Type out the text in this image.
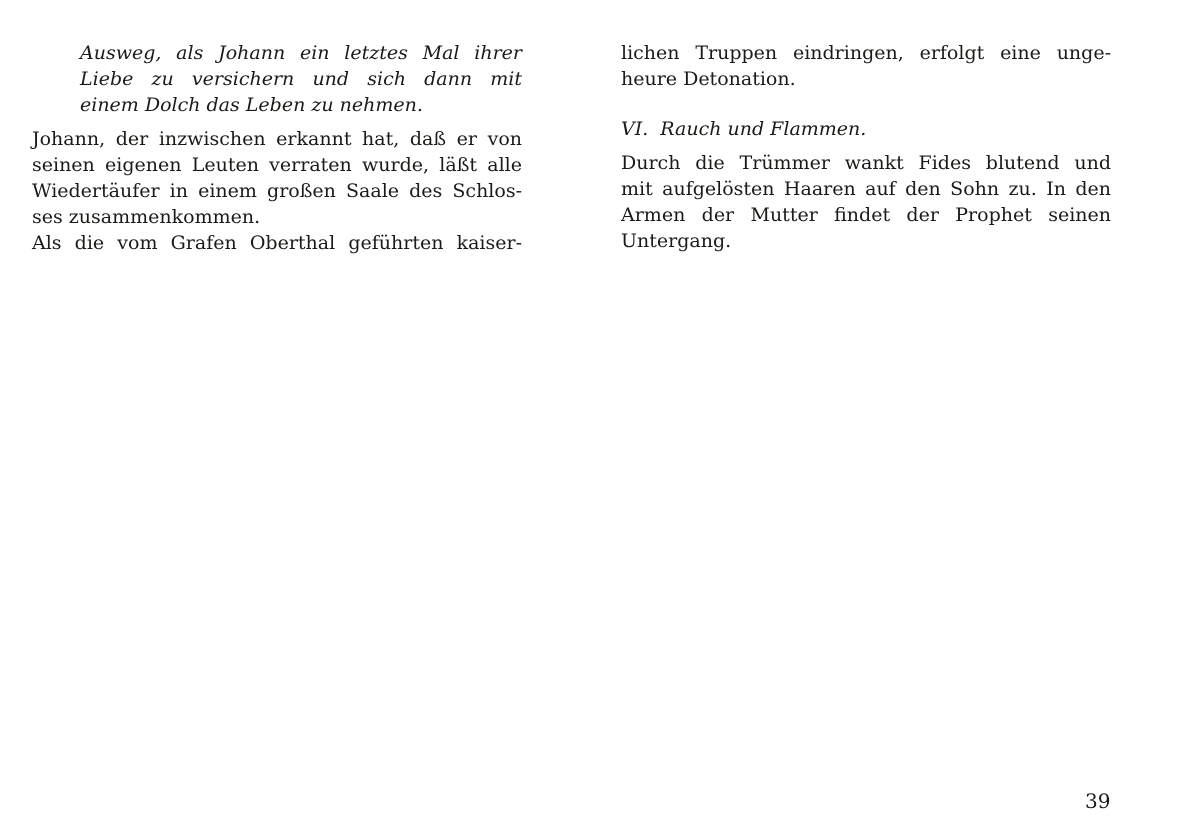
Ausweg, als Johann ein letztes Mal ihrer
Liebe zu versichern und sich dann mit
einem Dolch das Leben zu nehmen.
Johann, der inzwischen erkannt hat, daß er von
seinen eigenen Leuten verraten wurde, läßt alle
Wiedertäufer in einem großen Saale des Schlos-
ses zusammenkommen.
Als die vom Grafen Oberthal geführten kaiser-
lichen Truppen eindringen, erfolgt eine unge-
heure Detonation.
VI. Rauch und Flammen.
Durch die Trümmer wankt Fides blutend und
mit aufgelösten Haaren auf den Sohn zu. In den
Armen der Mutter findet der Prophet seinen
Untergang.
39
